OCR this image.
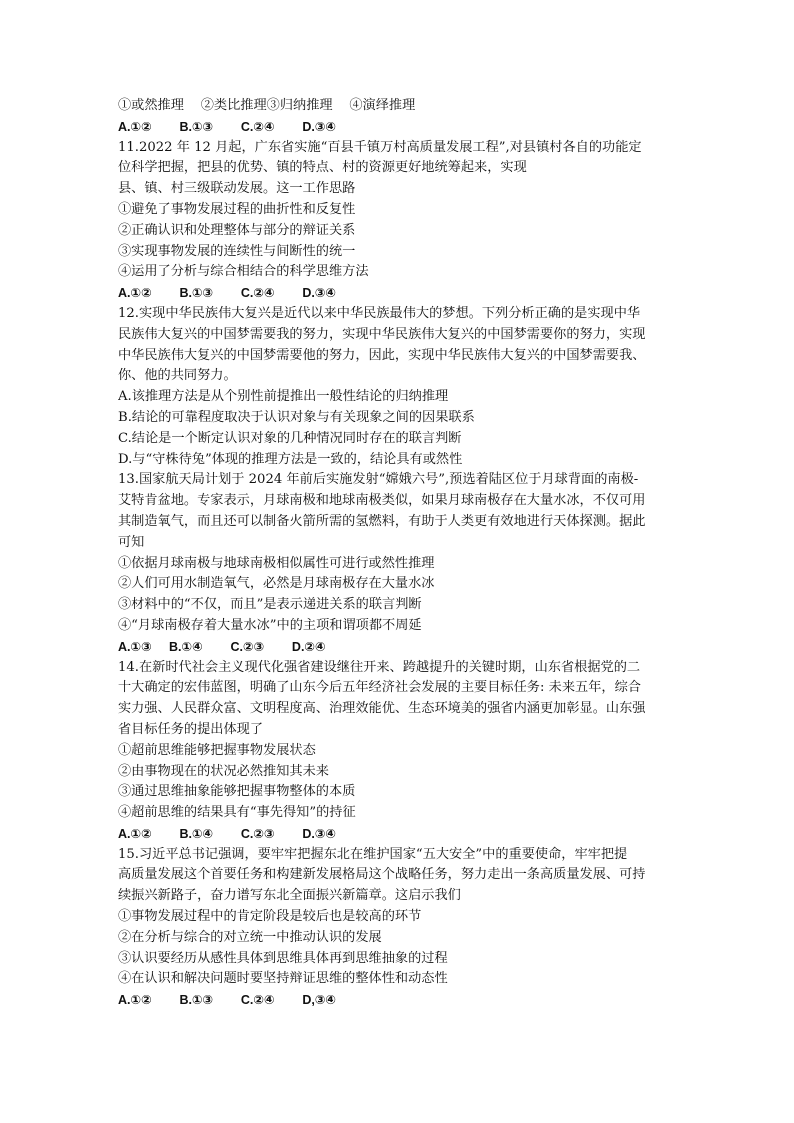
①或然推理    ②类比推理③归纳推理    ④演绎推理
A.①②        B.①③        C.②④        D.③④
11.2022 年 12 月起，广东省实施“百县千镇万村高质量发展工程”,对县镇村各自的功能定
位科学把握，把县的优势、镇的特点、村的资源更好地统筹起来，实现
县、镇、村三级联动发展。这一工作思路
①避免了事物发展过程的曲折性和反复性
②正确认识和处理整体与部分的辩证关系
③实现事物发展的连续性与间断性的统一
④运用了分析与综合相结合的科学思维方法
A.①②        B.①③        C.②④        D.③④
12.实现中华民族伟大复兴是近代以来中华民族最伟大的梦想。下列分析正确的是实现中华
民族伟大复兴的中国梦需要我的努力，实现中华民族伟大复兴的中国梦需要你的努力，实现
中华民族伟大复兴的中国梦需要他的努力，因此，实现中华民族伟大复兴的中国梦需要我、
你、他的共同努力。
A.该推理方法是从个别性前提推出一般性结论的归纳推理
B.结论的可靠程度取决于认识对象与有关现象之间的因果联系
C.结论是一个断定认识对象的几种情况同时存在的联言判断
D.与“守株待兔”体现的推理方法是一致的，结论具有或然性
13.国家航天局计划于 2024 年前后实施发射“嫦娥六号”,预选着陆区位于月球背面的南极-
艾特肯盆地。专家表示，月球南极和地球南极类似，如果月球南极存在大量水冰，不仅可用
其制造氧气，而且还可以制备火箭所需的氢燃料，有助于人类更有效地进行天体探测。据此
可知
①依据月球南极与地球南极相似属性可进行或然性推理
②人们可用水制造氧气，必然是月球南极存在大量水冰
③材料中的“不仅，而且”是表示递进关系的联言判断
④“月球南极存着大量水冰”中的主项和谓项都不周延
A.①③     B.①④        C.②③        D.②④
14.在新时代社会主义现代化强省建设继往开来、跨越提升的关键时期，山东省根据党的二
十大确定的宏伟蓝图，明确了山东今后五年经济社会发展的主要目标任务: 未来五年，综合
实力强、人民群众富、文明程度高、治理效能优、生态环境美的强省内涵更加彰显。山东强
省目标任务的提出体现了
①超前思维能够把握事物发展状态
②由事物现在的状况必然推知其未来
③通过思维抽象能够把握事物整体的本质
④超前思维的结果具有“事先得知”的持征
A.①②        B.①④        C.②③        D.③④
15.习近平总书记强调，要牢牢把握东北在维护国家“五大安全”中的重要使命，牢牢把提
高质量发展这个首要任务和构建新发展格局这个战略任务，努力走出一条高质量发展、可持
续振兴新路子，奋力谱写东北全面振兴新篇章。这启示我们
①事物发展过程中的肯定阶段是较后也是较高的环节
②在分析与综合的对立统一中推动认识的发展
③认识要经历从感性具体到思维具体再到思维抽象的过程
④在认识和解决问题时要坚持辩证思维的整体性和动态性
A.①②        B.①③        C.②④        D,③④
